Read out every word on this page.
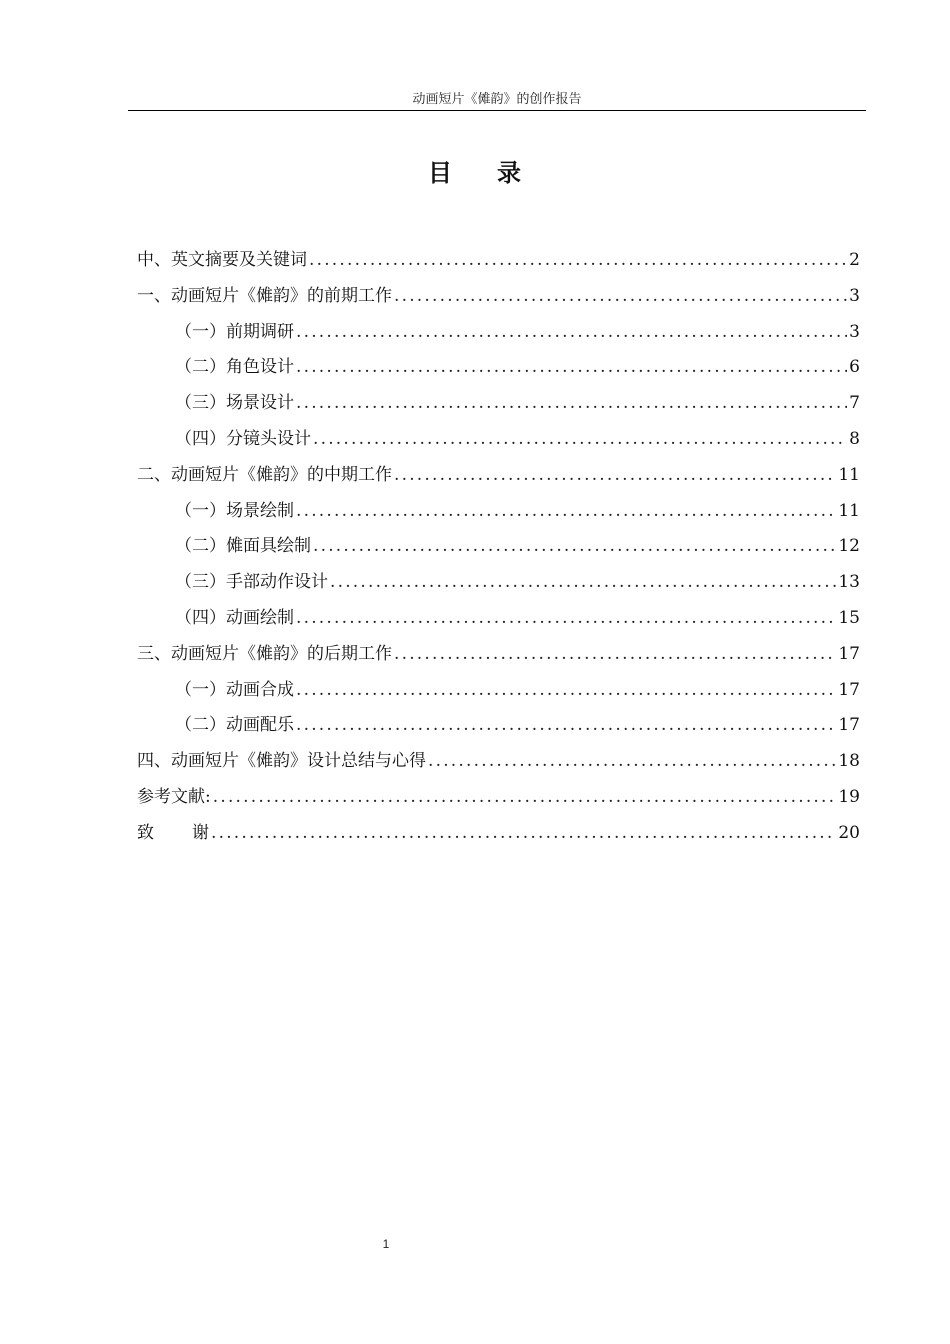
动画短片《傩韵》的创作报告
目 录
中、英文摘要及关键词 .....	2
一、动画短片《傩韵》的前期工作 .....	3
（一）前期调研 .....	3
（二）角色设计 .....	6
（三）场景设计 .....	7
（四）分镜头设计 .....	8
二、动画短片《傩韵》的中期工作 .....	11
（一）场景绘制 .....	11
（二）傩面具绘制 .....	12
（三）手部动作设计 .....	13
（四）动画绘制 .....	15
三、动画短片《傩韵》的后期工作 .....	17
（一）动画合成 .....	17
（二）动画配乐 .....	17
四、动画短片《傩韵》设计总结与心得 .....	18
参考文献: .....	19
致 谢 .....	20
1
